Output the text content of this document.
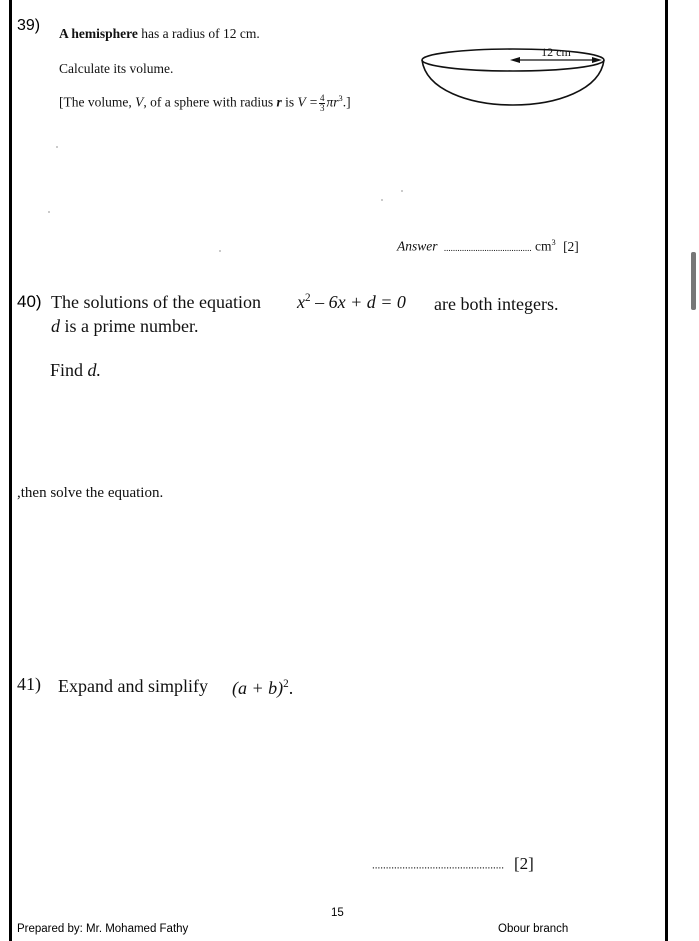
39) A hemisphere has a radius of 12 cm.
Calculate its volume.
[The volume, V, of a sphere with radius r is $V = \frac{4}{3} \pi r^3$.]
12 cm
Answer ....................................... $cm^3$ [2]
40) The solutions of the equation $x^2 - 6x + d = 0$ are both integers.
d is a prime number.
Find d.
,then solve the equation.
41) Expand and simplify $(a + b)^2$.
................................................ [2]
15
Prepared by: Mr. Mohamed Fathy	Obour branch
